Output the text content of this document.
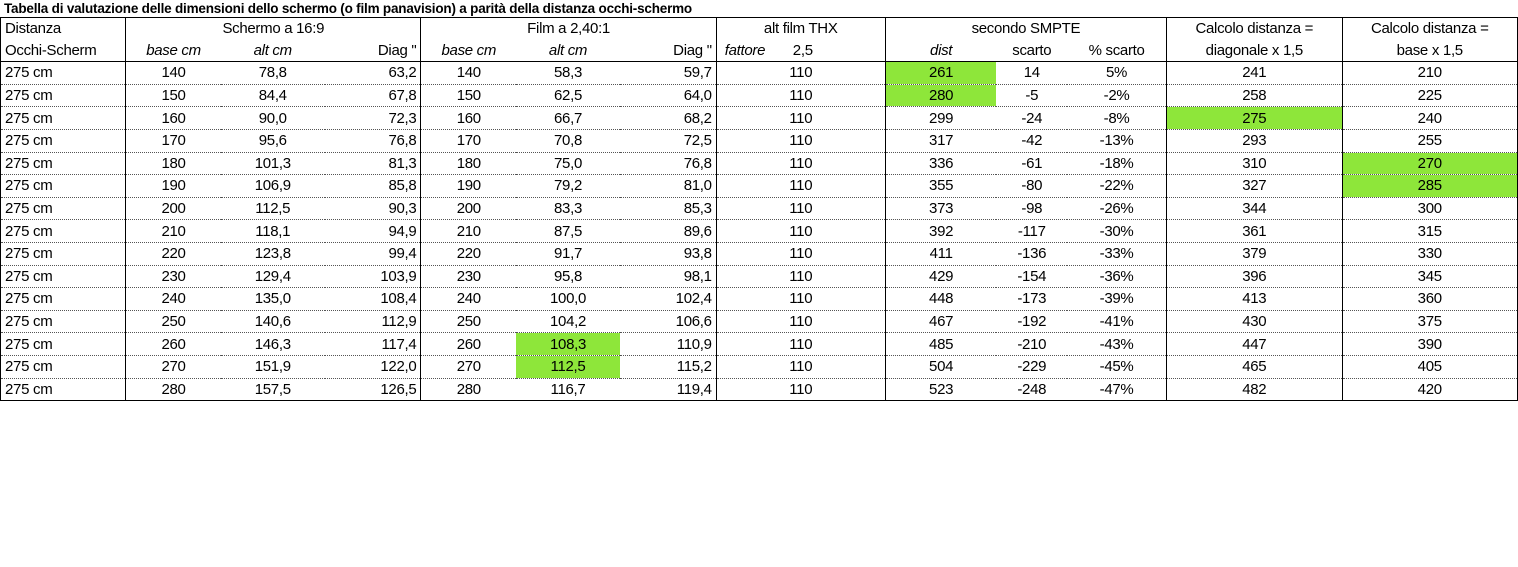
Tabella di valutazione delle dimensioni dello schermo (o film panavision) a parità della distanza occhi-schermo
Distanza	Schermo a 16:9			Film a 2,40:1			alt film THX	secondo SMPTE			Calcolo distanza =	Calcolo distanza =
Occhi-Scherm	base cm	alt cm	Diag "	base cm	alt cm	Diag "	fattore 2,5	dist	scarto	% scarto	diagonale x 1,5	base x 1,5
275 cm	140	78,8	63,2	140	58,3	59,7	110	261	14	5%	241	210
275 cm	150	84,4	67,8	150	62,5	64,0	110	280	-5	-2%	258	225
275 cm	160	90,0	72,3	160	66,7	68,2	110	299	-24	-8%	275	240
275 cm	170	95,6	76,8	170	70,8	72,5	110	317	-42	-13%	293	255
275 cm	180	101,3	81,3	180	75,0	76,8	110	336	-61	-18%	310	270
275 cm	190	106,9	85,8	190	79,2	81,0	110	355	-80	-22%	327	285
275 cm	200	112,5	90,3	200	83,3	85,3	110	373	-98	-26%	344	300
275 cm	210	118,1	94,9	210	87,5	89,6	110	392	-117	-30%	361	315
275 cm	220	123,8	99,4	220	91,7	93,8	110	411	-136	-33%	379	330
275 cm	230	129,4	103,9	230	95,8	98,1	110	429	-154	-36%	396	345
275 cm	240	135,0	108,4	240	100,0	102,4	110	448	-173	-39%	413	360
275 cm	250	140,6	112,9	250	104,2	106,6	110	467	-192	-41%	430	375
275 cm	260	146,3	117,4	260	108,3	110,9	110	485	-210	-43%	447	390
275 cm	270	151,9	122,0	270	112,5	115,2	110	504	-229	-45%	465	405
275 cm	280	157,5	126,5	280	116,7	119,4	110	523	-248	-47%	482	420
